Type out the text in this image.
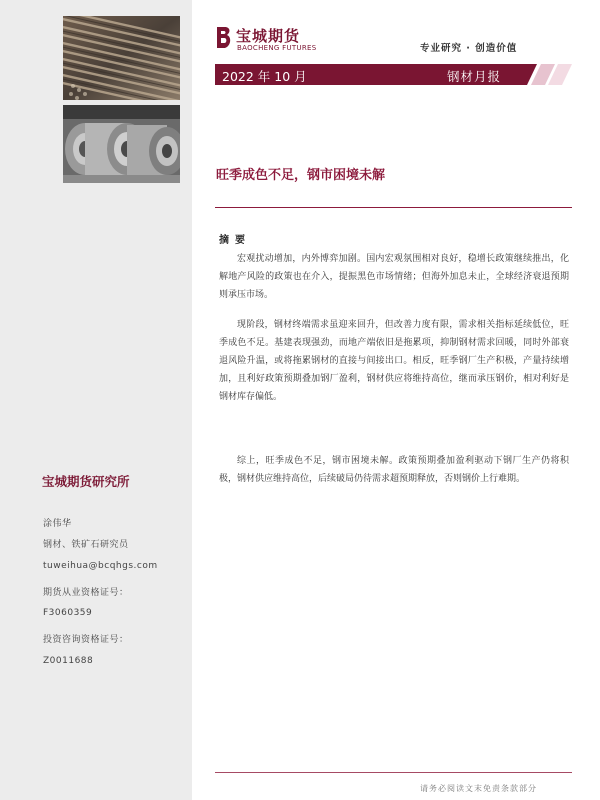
宝城期货研究所
涂伟华
钢材、铁矿石研究员
tuweihua@bcqhgs.com
期货从业资格证号：
F3060359
投资咨询资格证号：
Z0011688
宝城期货
BAOCHENG FUTURES	专业研究 · 创造价值
2022 年 10 月	钢材月报
旺季成色不足，钢市困境未解
摘要

宏观扰动增加，内外博弈加剧。国内宏观氛围相对良好，稳增长政策继续推出，化解地产风险的政策也在介入，提振黑色市场情绪；但海外加息未止，全球经济衰退预期则承压市场。

现阶段，钢材终端需求虽迎来回升，但改善力度有限，需求相关指标延续低位，旺季成色不足。基建表现强劲，而地产端依旧是拖累项，抑制钢材需求回暖，同时外部衰退风险升温，或将拖累钢材的直接与间接出口。相反，旺季钢厂生产积极，产量持续增加，且利好政策预期叠加钢厂盈利，钢材供应将维持高位，继而承压钢价，相对利好是钢材库存偏低。

综上，旺季成色不足，钢市困境未解。政策预期叠加盈利驱动下钢厂生产仍将积极，钢材供应维持高位，后续破局仍待需求超预期释放，否则钢价上行难期。

请务必阅读文末免责条款部分
